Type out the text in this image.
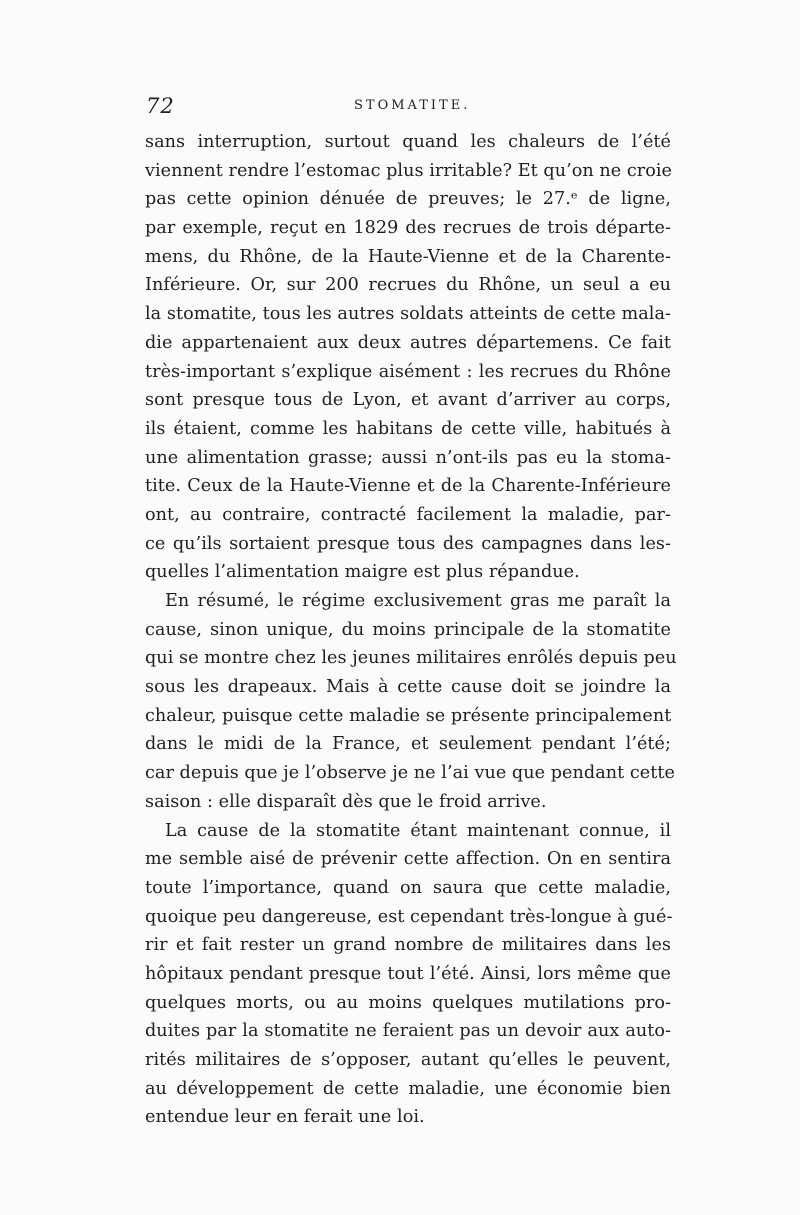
72	STOMATITE.
sans interruption, surtout quand les chaleurs de l’été
viennent rendre l’estomac plus irritable? Et qu’on ne croie
pas cette opinion dénuée de preuves; le 27.ᵉ de ligne,
par exemple, reçut en 1829 des recrues de trois départe-
mens, du Rhône, de la Haute-Vienne et de la Charente-
Inférieure. Or, sur 200 recrues du Rhône, un seul a eu
la stomatite, tous les autres soldats atteints de cette mala-
die appartenaient aux deux autres départemens. Ce fait
très-important s’explique aisément : les recrues du Rhône
sont presque tous de Lyon, et avant d’arriver au corps,
ils étaient, comme les habitans de cette ville, habitués à
une alimentation grasse; aussi n’ont-ils pas eu la stoma-
tite. Ceux de la Haute-Vienne et de la Charente-Inférieure
ont, au contraire, contracté facilement la maladie, par-
ce qu’ils sortaient presque tous des campagnes dans les-
quelles l’alimentation maigre est plus répandue.
En résumé, le régime exclusivement gras me paraît la
cause, sinon unique, du moins principale de la stomatite
qui se montre chez les jeunes militaires enrôlés depuis peu
sous les drapeaux. Mais à cette cause doit se joindre la
chaleur, puisque cette maladie se présente principalement
dans le midi de la France, et seulement pendant l’été;
car depuis que je l’observe je ne l’ai vue que pendant cette
saison : elle disparaît dès que le froid arrive.
La cause de la stomatite étant maintenant connue, il
me semble aisé de prévenir cette affection. On en sentira
toute l’importance, quand on saura que cette maladie,
quoique peu dangereuse, est cependant très-longue à gué-
rir et fait rester un grand nombre de militaires dans les
hôpitaux pendant presque tout l’été. Ainsi, lors même que
quelques morts, ou au moins quelques mutilations pro-
duites par la stomatite ne feraient pas un devoir aux auto-
rités militaires de s’opposer, autant qu’elles le peuvent,
au développement de cette maladie, une économie bien
entendue leur en ferait une loi.
